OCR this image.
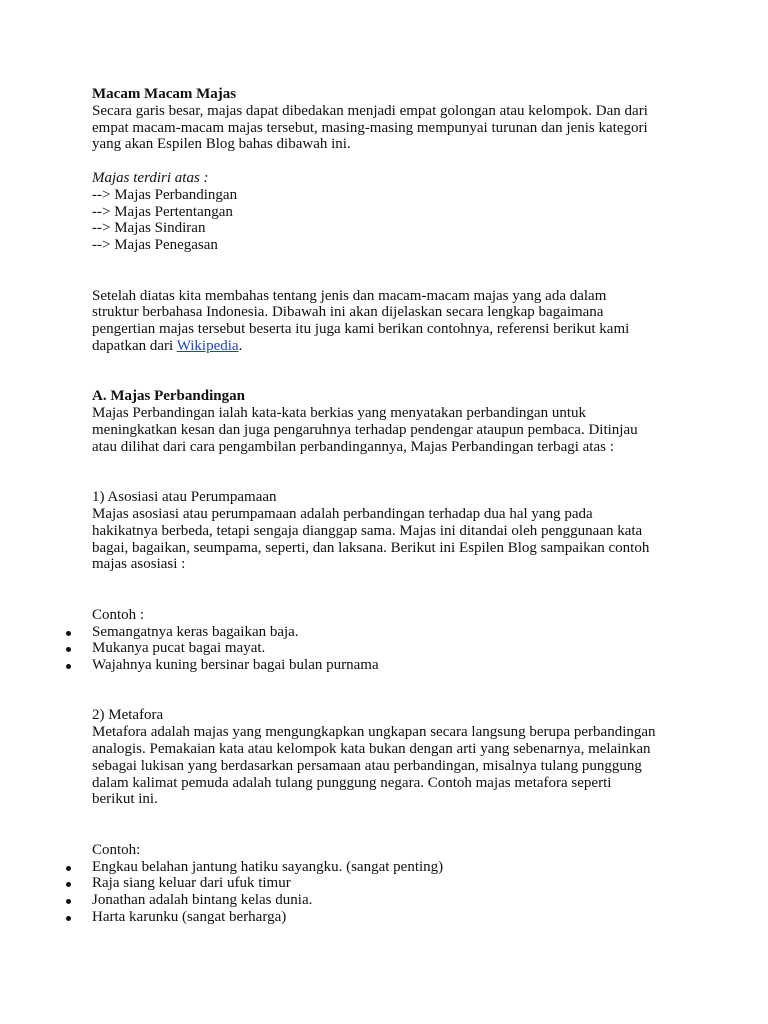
Macam Macam Majas
Secara garis besar, majas dapat dibedakan menjadi empat golongan atau kelompok. Dan dari
empat macam-macam majas tersebut, masing-masing mempunyai turunan dan jenis kategori
yang akan Espilen Blog bahas dibawah ini.
Majas terdiri atas :
--> Majas Perbandingan
--> Majas Pertentangan
--> Majas Sindiran
--> Majas Penegasan
Setelah diatas kita membahas tentang jenis dan macam-macam majas yang ada dalam
struktur berbahasa Indonesia. Dibawah ini akan dijelaskan secara lengkap bagaimana
pengertian majas tersebut beserta itu juga kami berikan contohnya, referensi berikut kami
dapatkan dari Wikipedia.
A. Majas Perbandingan
Majas Perbandingan ialah kata-kata berkias yang menyatakan perbandingan untuk
meningkatkan kesan dan juga pengaruhnya terhadap pendengar ataupun pembaca. Ditinjau
atau dilihat dari cara pengambilan perbandingannya, Majas Perbandingan terbagi atas :
1) Asosiasi atau Perumpamaan
Majas asosiasi atau perumpamaan adalah perbandingan terhadap dua hal yang pada
hakikatnya berbeda, tetapi sengaja dianggap sama. Majas ini ditandai oleh penggunaan kata
bagai, bagaikan, seumpama, seperti, dan laksana. Berikut ini Espilen Blog sampaikan contoh
majas asosiasi :
Contoh :
Semangatnya keras bagaikan baja.
Mukanya pucat bagai mayat.
Wajahnya kuning bersinar bagai bulan purnama
2) Metafora
Metafora adalah majas yang mengungkapkan ungkapan secara langsung berupa perbandingan
analogis. Pemakaian kata atau kelompok kata bukan dengan arti yang sebenarnya, melainkan
sebagai lukisan yang berdasarkan persamaan atau perbandingan, misalnya tulang punggung
dalam kalimat pemuda adalah tulang punggung negara. Contoh majas metafora seperti
berikut ini.
Contoh:
Engkau belahan jantung hatiku sayangku. (sangat penting)
Raja siang keluar dari ufuk timur
Jonathan adalah bintang kelas dunia.
Harta karunku (sangat berharga)
